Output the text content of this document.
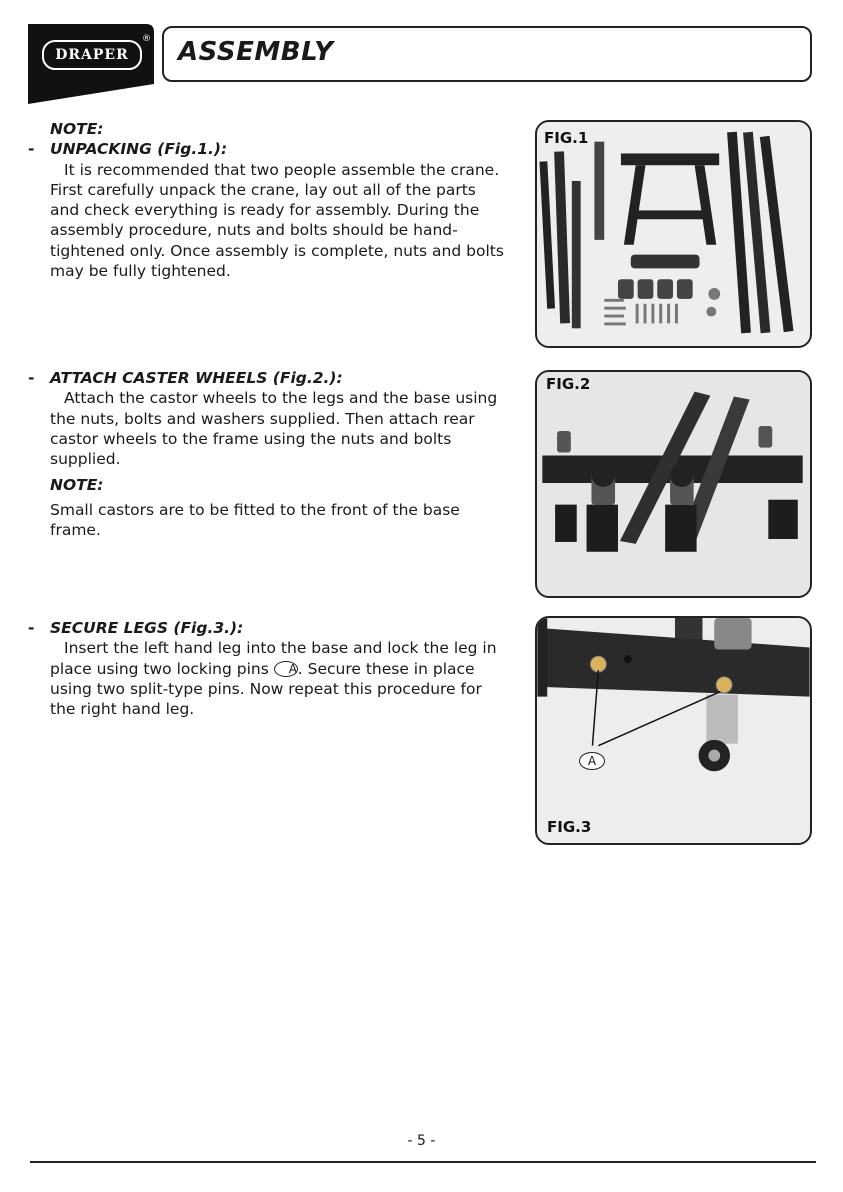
DRAPER
® ASSEMBLY
NOTE:
- UNPACKING (Fig.1.):

It is recommended that two people assemble the crane. First carefully unpack the crane, lay out all of the parts and check everything is ready for assembly. During the assembly procedure, nuts and bolts should be hand-tightened only. Once assembly is complete, nuts and bolts may be fully tightened.

- ATTACH CASTER WHEELS (Fig.2.):

Attach the castor wheels to the legs and the base using the nuts, bolts and washers supplied. Then attach rear castor wheels to the frame using the nuts and bolts supplied.

NOTE:

Small castors are to be fitted to the front of the base frame.

- SECURE LEGS (Fig.3.):

Insert the left hand leg into the base and lock the leg in place using two locking pins A. Secure these in place using two split-type pins. Now repeat this procedure for the right hand leg.

FIG.1
FIG.2
A
FIG.3
- 5 -
